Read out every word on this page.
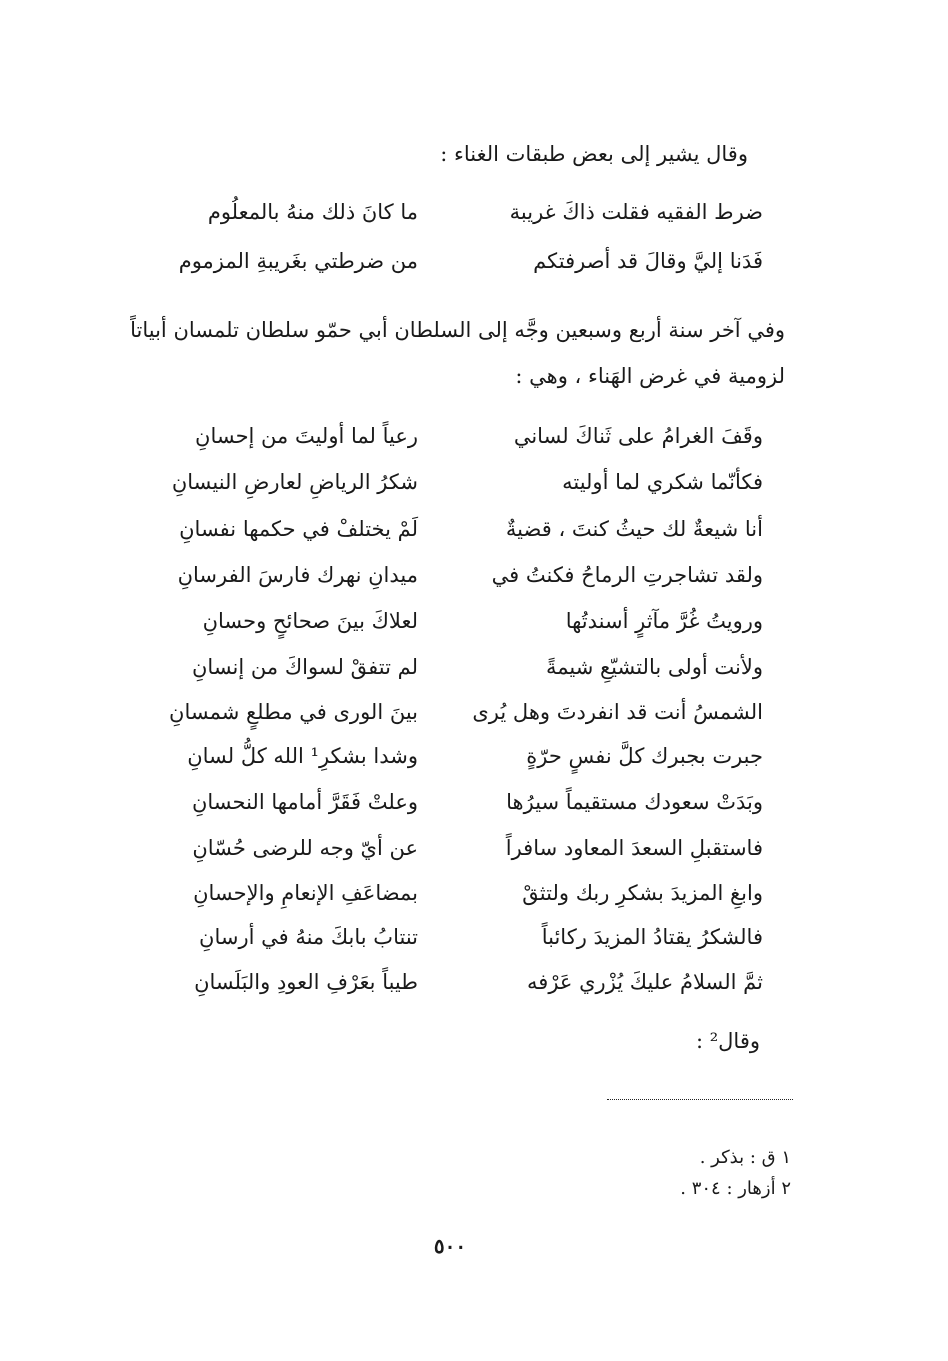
وقال يشير إلى بعض طبقات الغناء :
ضرط الفقيه فقلت ذاكَ غريبة
ما كانَ ذلك منهُ بالمعلُوم
فَدَنا إليَّ وقالَ قد أصرفتكم
من ضرطتي بغَريبةِ المزموم
وفي آخر سنة أربع وسبعين وجَّه إلى السلطان أبي حمّو سلطان تلمسان أبياتاً
لزومية في غرض الهَناء ، وهي :
وقَفَ الغرامُ على ثَناكَ لساني
رعياً لما أوليتَ من إحسانِ
فكأنّما شكري لما أوليته
شكرُ الرياضِ لعارضِ النيسانِ
أنا شيعةٌ لك حيثُ كنتَ ، قضيةٌ
لَمْ يختلفْ في حكمها نفسانِ
ولقد تشاجرتِ الرماحُ فكنتُ في
ميدانِ نهرك فارسَ الفرسانِ
ورويتُ غُرَّ مآثرٍ أسندتُها
لعلاكَ بينَ صحائحٍ وحسانِ
ولأنت أولى بالتشيّعِ شيمةً
لم تتفقْ لسواكَ من إنسانِ
الشمسُ أنت قد انفردتَ وهل يُرى
بينَ الورى في مطلعٍ شمسانِ
جبرت بجبرك كلَّ نفسٍ حرّةٍ
وشدا بشكرِ¹ الله كلُّ لسانِ
وبَدَتْ سعودك مستقيماً سيرُها
وعلتْ فَقَرَّ أمامها النحسانِ
فاستقبلِ السعدَ المعاود سافراً
عن أيّ وجه للرضى حُسّانِ
وابغِ المزيدَ بشكرِ ربك ولتثقْ
بمضاعَفِ الإنعامِ والإحسانِ
فالشكرُ يقتادُ المزيدَ ركائباً
تنتابُ بابكَ منهُ في أرسانِ
ثمَّ السلامُ عليكَ يُزْري عَرْفه
طيباً بعَرْفِ العودِ والبَلَسانِ
وقال² :
١ ق : بذكر .
٢ أزهار : ٣٠٤ .
٥٠٠
